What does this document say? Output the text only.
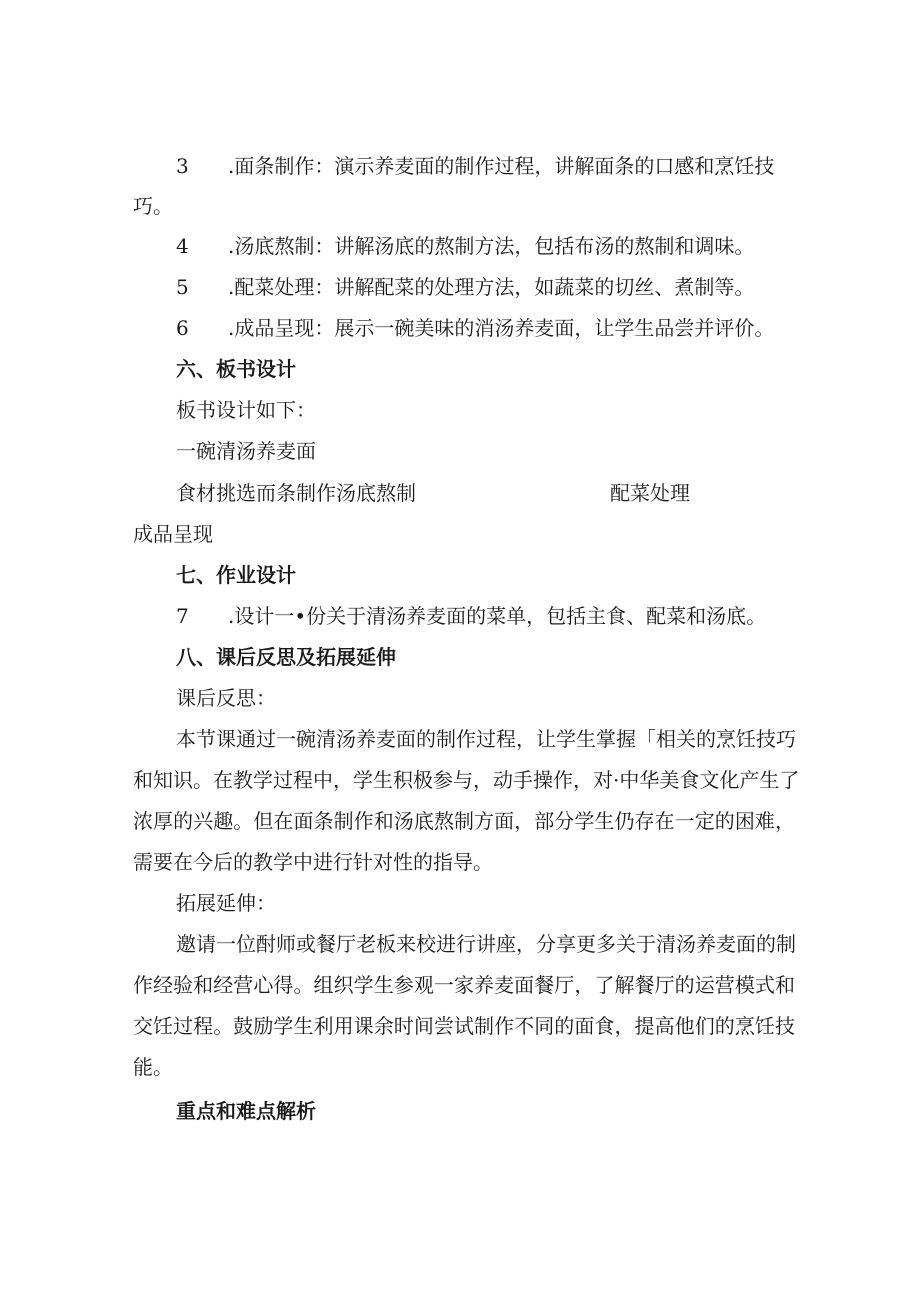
3 .面条制作：演示养麦面的制作过程，讲解面条的口感和烹饪技
巧。
4 .汤底熬制：讲解汤底的熬制方法，包括布汤的熬制和调味。
5 .配菜处理：讲解配菜的处理方法，如蔬菜的切丝、煮制等。
6 .成品呈现：展示一碗美味的消汤养麦面，让学生品尝并评价。
六、板书设计
板书设计如下：
一碗清汤养麦面
食材挑选而条制作汤底熬制	配菜处理
成品呈现
七、作业设计
7 .设计一•份关于清汤养麦面的菜单，包括主食、配菜和汤底。
八、课后反思及拓展延伸
课后反思：
本节课通过一碗清汤养麦面的制作过程，让学生掌握「相关的烹饪技巧
和知识。在教学过程中，学生积极参与，动手操作，对·中华美食文化产生了
浓厚的兴趣。但在面条制作和汤底熬制方面，部分学生仍存在一定的困难，
需要在今后的教学中进行针对性的指导。
拓展延伸：
邀请一位酎师或餐厅老板来校进行讲座，分享更多关于清汤养麦面的制
作经验和经营心得。组织学生参观一家养麦面餐厅，了解餐厅的运营模式和
交饪过程。鼓励学生利用课余时间尝试制作不同的面食，提高他们的烹饪技
能。
重点和难点解析
